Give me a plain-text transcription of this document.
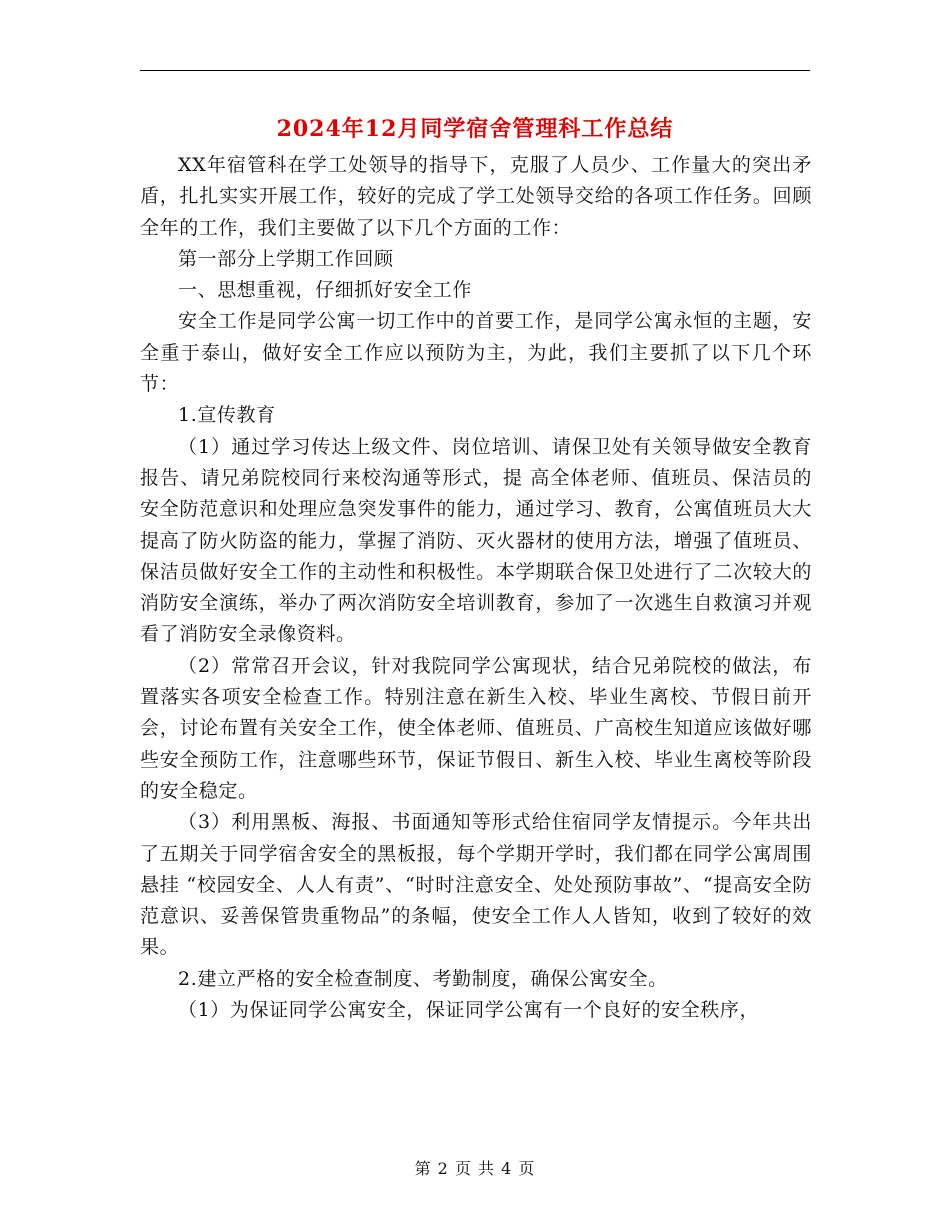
2024年12月同学宿舍管理科工作总结

XX年宿管科在学工处领导的指导下，克服了人员少、工作量大的突出矛盾，扎扎实实开展工作，较好的完成了学工处领导交给的各项工作任务。回顾全年的工作，我们主要做了以下几个方面的工作：

第一部分上学期工作回顾

一、思想重视，仔细抓好安全工作

安全工作是同学公寓一切工作中的首要工作，是同学公寓永恒的主题，安全重于泰山，做好安全工作应以预防为主，为此，我们主要抓了以下几个环节：

1.宣传教育

（1）通过学习传达上级文件、岗位培训、请保卫处有关领导做安全教育报告、请兄弟院校同行来校沟通等形式，提 高全体老师、值班员、保洁员的安全防范意识和处理应急突发事件的能力，通过学习、教育，公寓值班员大大提高了防火防盗的能力，掌握了消防、灭火器材的使用方法，增强了值班员、保洁员做好安全工作的主动性和积极性。本学期联合保卫处进行了二次较大的消防安全演练，举办了两次消防安全培训教育，参加了一次逃生自救演习并观看了消防安全录像资料。

（2）常常召开会议，针对我院同学公寓现状，结合兄弟院校的做法，布置落实各项安全检查工作。特别注意在新生入校、毕业生离校、节假日前开会，讨论布置有关安全工作，使全体老师、值班员、广高校生知道应该做好哪些安全预防工作，注意哪些环节，保证节假日、新生入校、毕业生离校等阶段的安全稳定。

（3）利用黑板、海报、书面通知等形式给住宿同学友情提示。今年共出了五期关于同学宿舍安全的黑板报，每个学期开学时，我们都在同学公寓周围悬挂 “校园安全、人人有责”、“时时注意安全、处处预防事故”、“提高安全防范意识、妥善保管贵重物品”的条幅，使安全工作人人皆知，收到了较好的效果。

2.建立严格的安全检查制度、考勤制度，确保公寓安全。

（1）为保证同学公寓安全，保证同学公寓有一个良好的安全秩序，

第 2 页 共 4 页
